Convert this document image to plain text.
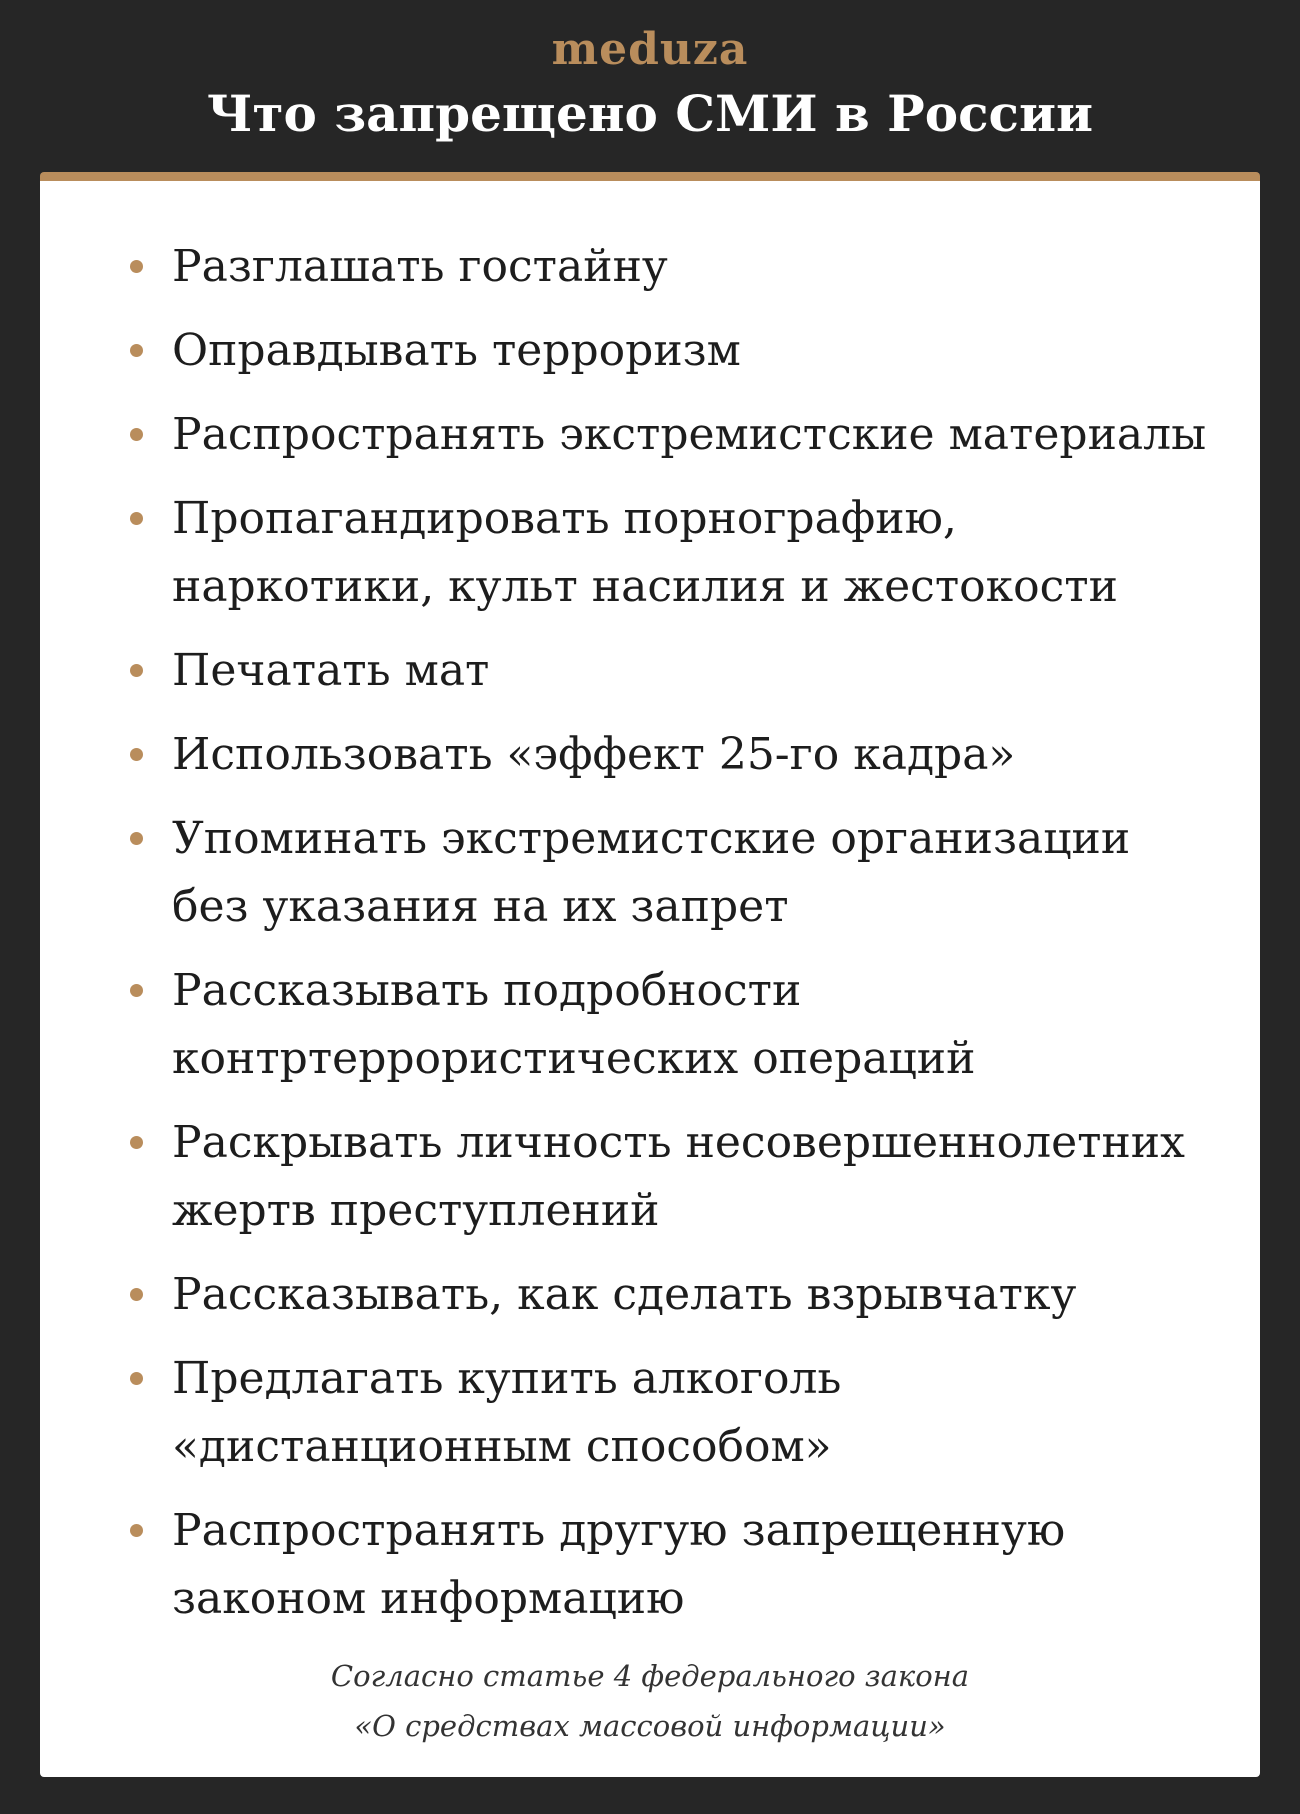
meduza
Что запрещено СМИ в России
Разглашать гостайну
Оправдывать терроризм
Распространять экстремистские материалы
Пропагандировать порнографию,
наркотики, культ насилия и жестокости
Печатать мат
Использовать «эффект 25-го кадра»
Упоминать экстремистские организации
без указания на их запрет
Рассказывать подробности
контртеррористических операций
Раскрывать личность несовершеннолетних
жертв преступлений
Рассказывать, как сделать взрывчатку
Предлагать купить алкоголь
«дистанционным способом»
Распространять другую запрещенную
законом информацию
Согласно статье 4 федерального закона
«О средствах массовой информации»
